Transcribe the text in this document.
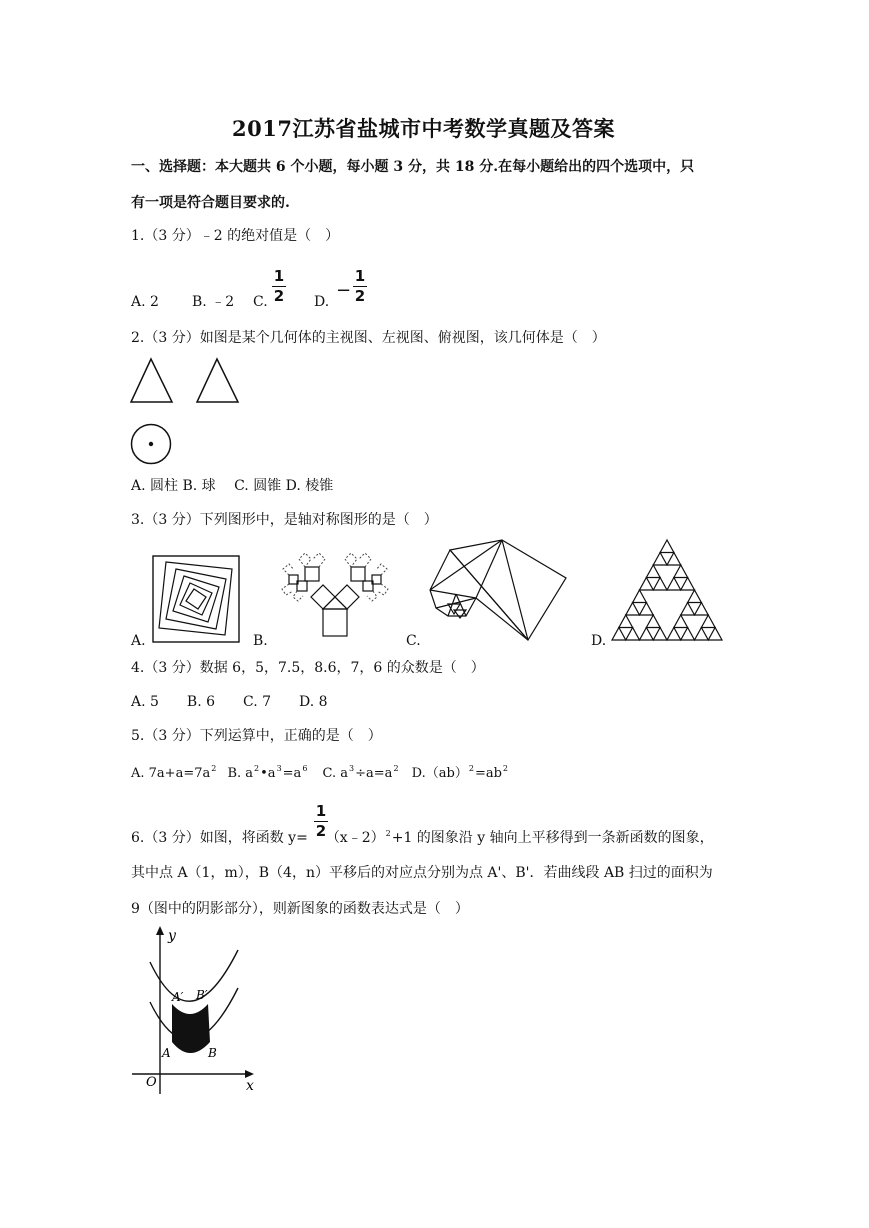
2017江苏省盐城市中考数学真题及答案
一、选择题：本大题共 6 个小题，每小题 3 分，共 18 分.在每小题给出的四个选项中，只
有一项是符合题目要求的.
1.（3 分）﹣2 的绝对值是（　）
A. 2 B. ﹣2 C.
1
2 D.
−
1
2
2.（3 分）如图是某个几何体的主视图、左视图、俯视图，该几何体是（　）
A. 圆柱 B. 球　 C. 圆锥 D. 棱锥
3.（3 分）下列图形中，是轴对称图形的是（　）
A.	B.	C.	D.
4.（3 分）数据 6，5，7.5，8.6，7，6 的众数是（　）
A. 5　　B. 6　　C. 7　　D. 8
5.（3 分）下列运算中，正确的是（　）
A. $7a+a=7a^2$ B. $a^2•a^3=a^6$ C. $a^3\div a=a^2$ $D.(ab)^2=ab^2$
1
2
6.（3 分）如图，将函数 y= （x﹣2）$^2$+1 的图象沿 y 轴向上平移得到一条新函数的图象，
其中点 A（1，m），B（4，n）平移后的对应点分别为点 A'、B'．若曲线段 AB 扫过的面积为
9（图中的阴影部分），则新图象的函数表达式是（　）
y
x
O
A	B
A′ B′
